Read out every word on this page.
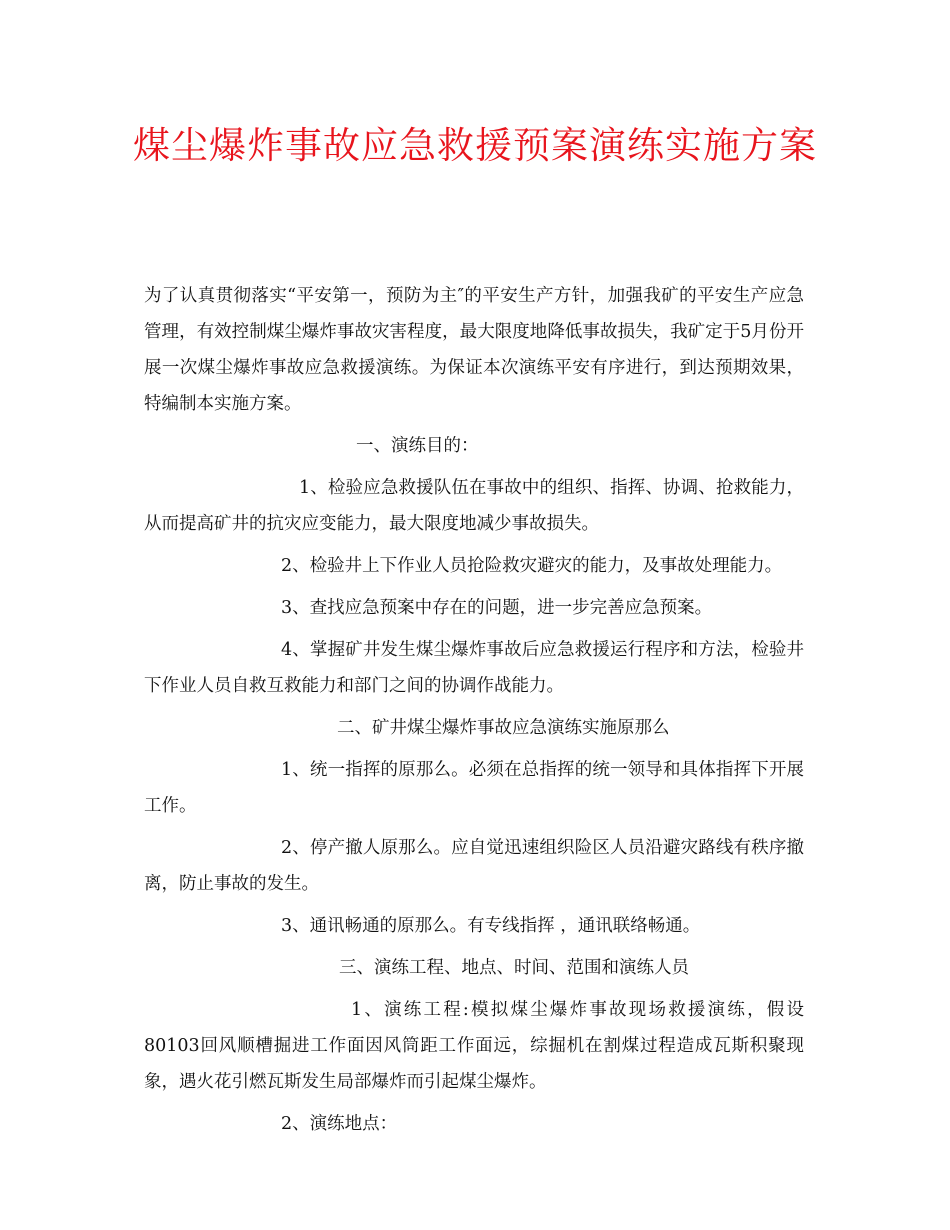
煤尘爆炸事故应急救援预案演练实施方案

为了认真贯彻落实“平安第一，预防为主″的平安生产方针，加强我矿的平安生产应急管理，有效控制煤尘爆炸事故灾害程度，最大限度地降低事故损失，我矿定于5月份开展一次煤尘爆炸事故应急救援演练。为保证本次演练平安有序进行，到达预期效果，特编制本实施方案。

一、演练目的：

1、检验应急救援队伍在事故中的组织、指挥、协调、抢救能力，从而提高矿井的抗灾应变能力，最大限度地减少事故损失。

2、检验井上下作业人员抢险救灾避灾的能力，及事故处理能力。

3、查找应急预案中存在的问题，进一步完善应急预案。

4、掌握矿井发生煤尘爆炸事故后应急救援运行程序和方法，检验井下作业人员自救互救能力和部门之间的协调作战能力。

二、矿井煤尘爆炸事故应急演练实施原那么

1、统一指挥的原那么。必须在总指挥的统一领导和具体指挥下开展工作。

2、停产撤人原那么。应自觉迅速组织险区人员沿避灾路线有秩序撤离，防止事故的发生。

3、通讯畅通的原那么。有专线指挥 ，通讯联络畅通。

三、演练工程、地点、时间、范围和演练人员

1、演练工程:模拟煤尘爆炸事故现场救援演练，假设80103回风顺槽掘进工作面因风筒距工作面远，综掘机在割煤过程造成瓦斯积聚现象，遇火花引燃瓦斯发生局部爆炸而引起煤尘爆炸。

2、演练地点：
